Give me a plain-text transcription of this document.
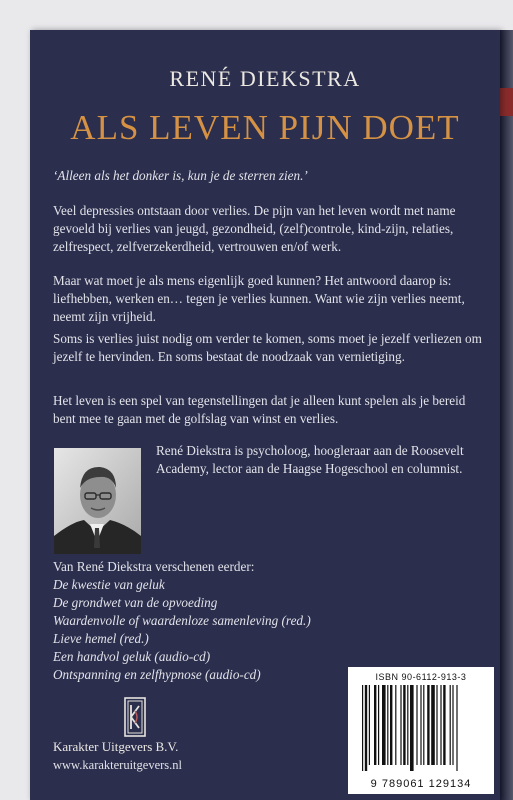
RENÉ DIEKSTRA
ALS LEVEN PIJN DOET
‘Alleen als het donker is, kun je de sterren zien.’
Veel depressies ontstaan door verlies. De pijn van het leven wordt met name gevoeld bij verlies van jeugd, gezondheid, (zelf)controle, kind-zijn, relaties, zelfrespect, zelfverzekerdheid, vertrouwen en/of werk.
Maar wat moet je als mens eigenlijk goed kunnen? Het antwoord daarop is: liefhebben, werken en… tegen je verlies kunnen. Want wie zijn verlies neemt, neemt zijn vrijheid.
Soms is verlies juist nodig om verder te komen, soms moet je jezelf verliezen om jezelf te hervinden. En soms bestaat de noodzaak van vernietiging.
Het leven is een spel van tegenstellingen dat je alleen kunt spelen als je bereid bent mee te gaan met de golfslag van winst en verlies.
René Diekstra is psycholoog, hoogleraar aan de Roosevelt Academy, lector aan de Haagse Hogeschool en columnist.
Van René Diekstra verschenen eerder:
De kwestie van geluk
De grondwet van de opvoeding
Waardenvolle of waardenloze samenleving (red.)
Lieve hemel (red.)
Een handvol geluk (audio-cd)
Ontspanning en zelfhypnose (audio-cd)
Karakter Uitgevers B.V.
www.karakteruitgevers.nl
ISBN 90-6112-913-3
9 789061 129134
